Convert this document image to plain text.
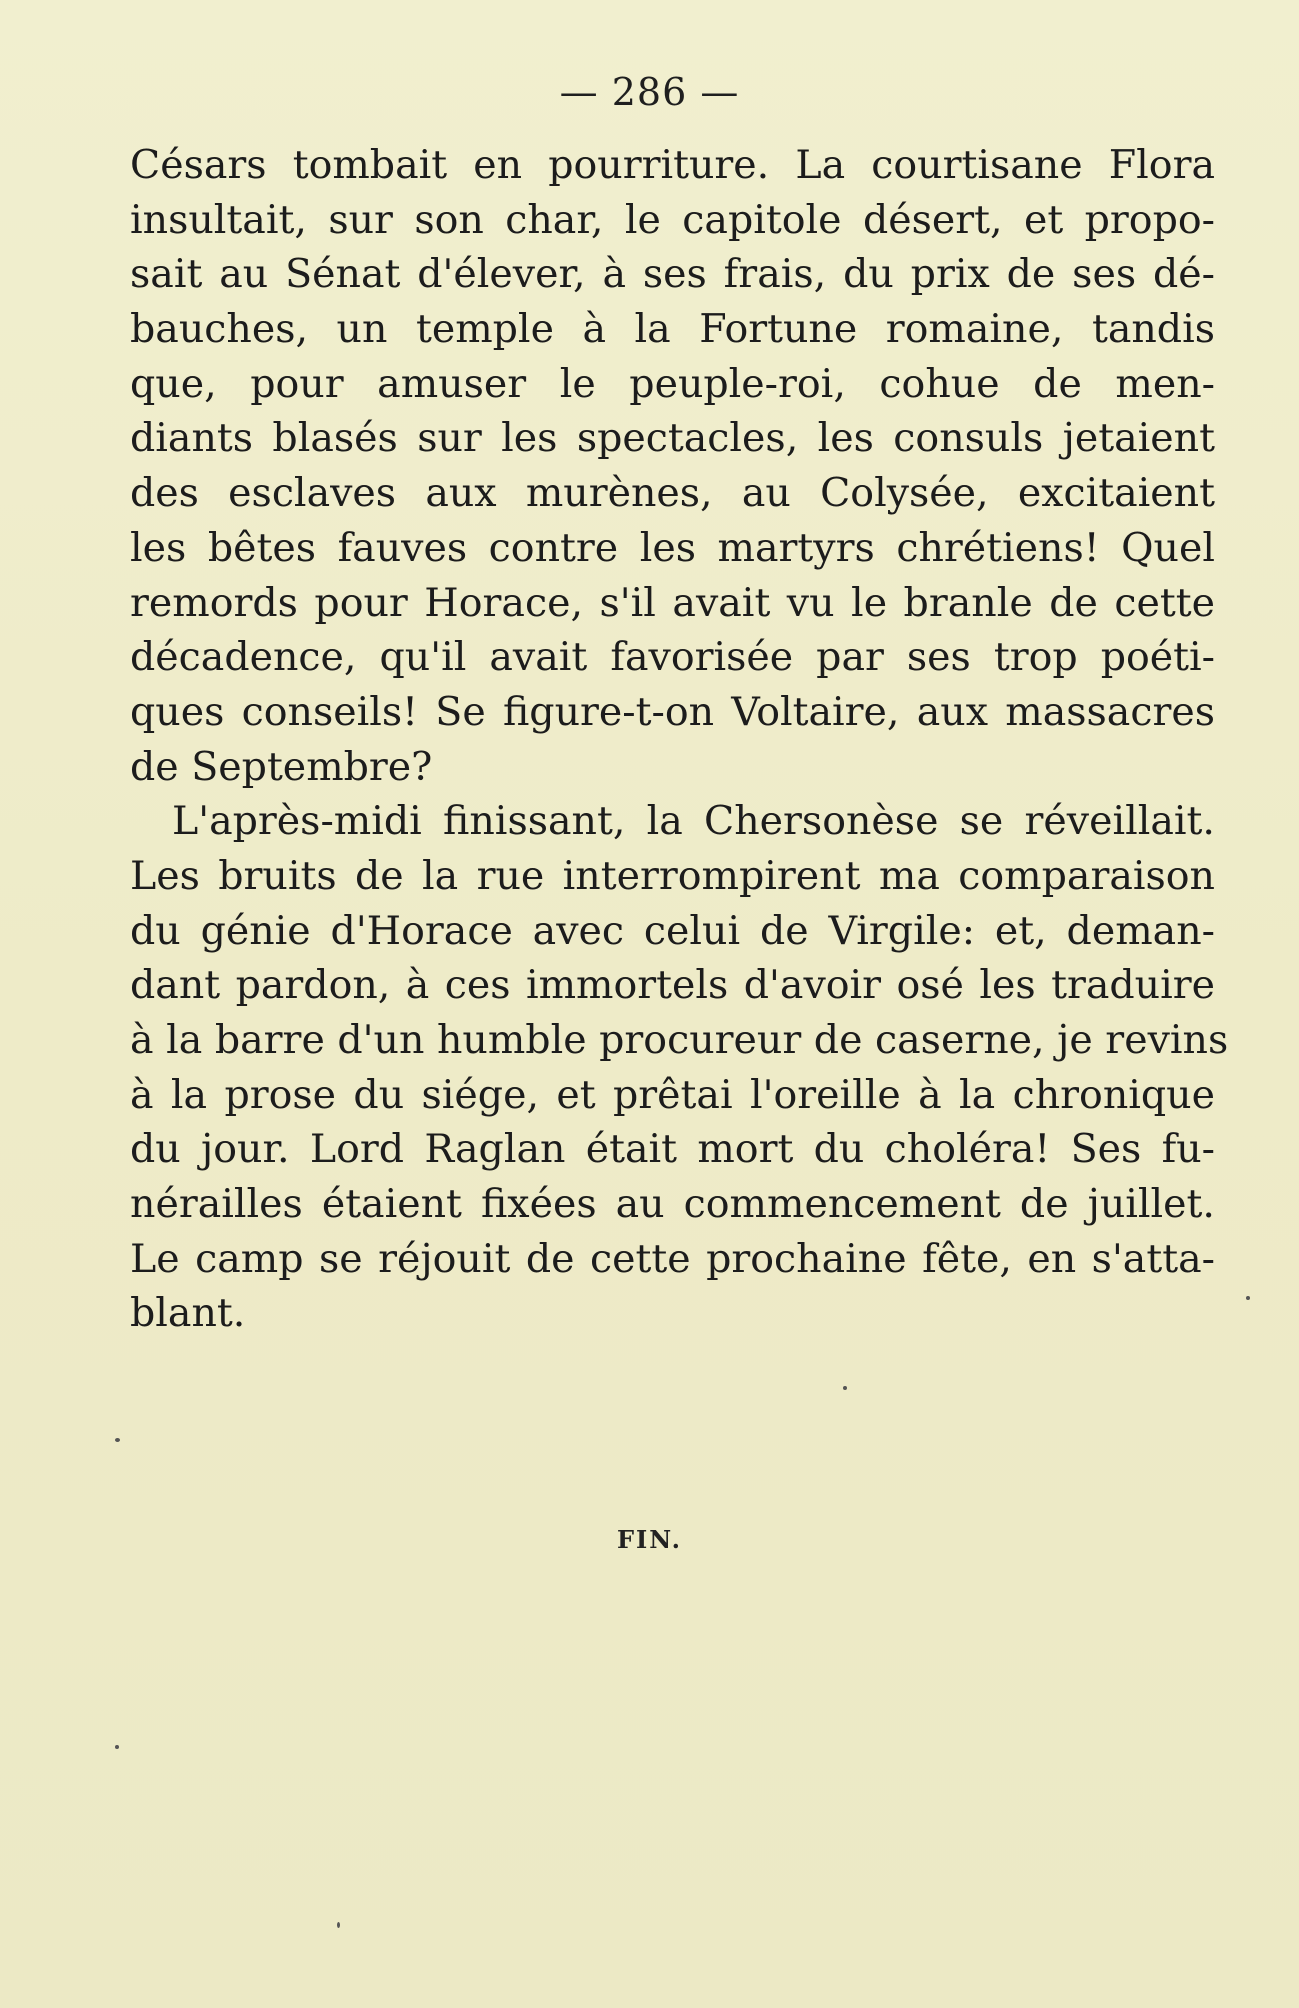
— 286 —
Césars tombait en pourriture. La courtisane Flora
insultait, sur son char, le capitole désert, et propo-
sait au Sénat d'élever, à ses frais, du prix de ses dé-
bauches, un temple à la Fortune romaine, tandis
que, pour amuser le peuple-roi, cohue de men-
diants blasés sur les spectacles, les consuls jetaient
des esclaves aux murènes, au Colysée, excitaient
les bêtes fauves contre les martyrs chrétiens! Quel
remords pour Horace, s'il avait vu le branle de cette
décadence, qu'il avait favorisée par ses trop poéti-
ques conseils! Se figure-t-on Voltaire, aux massacres
de Septembre?
L'après-midi finissant, la Chersonèse se réveillait.
Les bruits de la rue interrompirent ma comparaison
du génie d'Horace avec celui de Virgile: et, deman-
dant pardon, à ces immortels d'avoir osé les traduire
à la barre d'un humble procureur de caserne, je revins
à la prose du siége, et prêtai l'oreille à la chronique
du jour. Lord Raglan était mort du choléra! Ses fu-
nérailles étaient fixées au commencement de juillet.
Le camp se réjouit de cette prochaine fête, en s'atta-
blant.
FIN.
